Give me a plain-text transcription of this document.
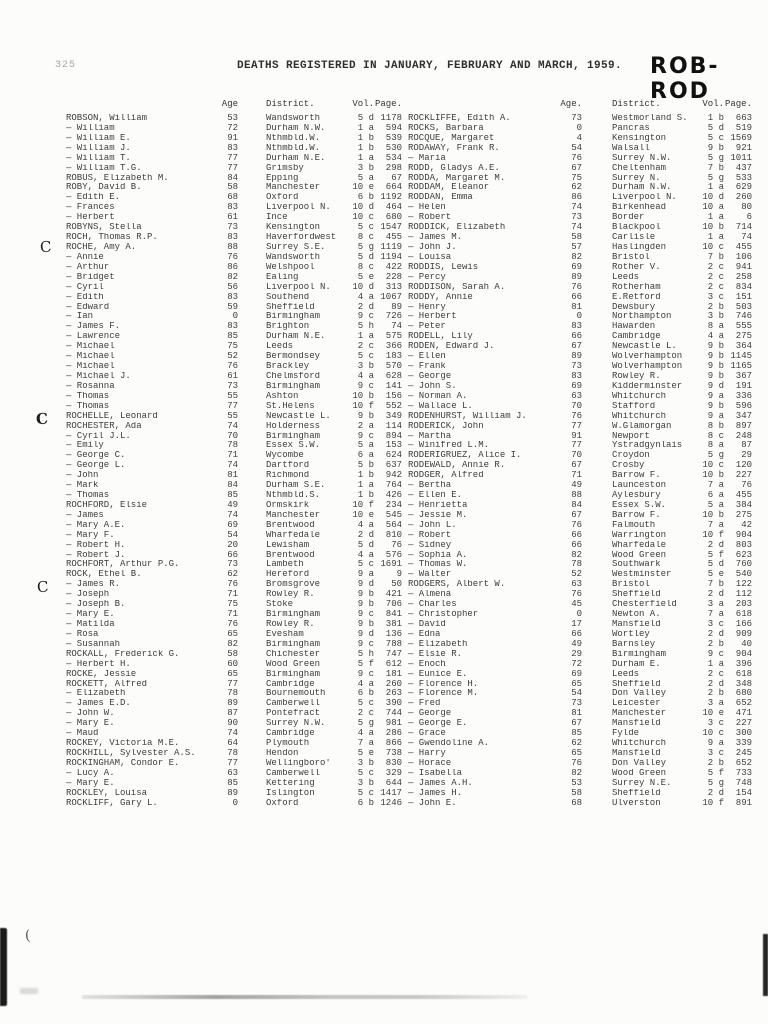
325	DEATHS REGISTERED IN JANUARY, FEBRUARY AND MARCH, 1959. ROB-ROD
Age	District.	Vol. Page.	Age.	District.	Vol. Page.
ROBSON, William	53	Wandsworth	5 d 1178
— William	72	Durham N.W.	1 a	594
— William E.	91	Nthmbld.W.	1 b	539
— William J.	83	Nthmbld.W.	1 b	530
— William T.	77	Durham N.E.	1 a	534
— William T.G.	77	Grimsby	3 b	298
ROBUS, Elizabeth M.	84	Epping	5 a	67
ROBY, David B.	58	Manchester	10 e	664
— Edith E.	68	Oxford	6 b 1192
— Frances	83	Liverpool N.	10 d	464
— Herbert	61	Ince	10 c	680
ROBYNS, Stella	73	Kensington	5 c 1547
ROCH, Thomas R.P.	83	Haverfordwest	8 c	455
ROCHE, Amy A.	88	Surrey S.E.	5 g 1119
— Annie	76	Wandsworth	5 d 1194
— Arthur	86	Welshpool	8 c	422
— Bridget	82	Ealing	5 e	228
— Cyril	56	Liverpool N.	10 d	313
— Edith	83	Southend	4 a 1067
— Edward	59	Sheffield	2 d	89
— Ian	0	Birmingham	9 c	726
— James F.	83	Brighton	5 h	74
— Lawrence	85	Durham N.E.	1 a	575
— Michael	75	Leeds	2 c	366
— Michael	52	Bermondsey	5 c	183
— Michael	76	Brackley	3 b	570
— Michael J.	61	Chelmsford	4 a	628
— Rosanna	73	Birmingham	9 c	141
— Thomas	55	Ashton	10 b	156
— Thomas	77	St.Helens	10 f	552
ROCHELLE, Leonard	55	Newcastle L.	9 b	349
ROCHESTER, Ada	74	Holderness	2 a	114
— Cyril J.L.	70	Birmingham	9 c	894
— Emily	78	Essex S.W.	5 a	153
— George C.	71	Wycombe	6 a	624
— George L.	74	Dartford	5 b	637
— John	81	Richmond	1 b	942
— Mark	84	Durham S.E.	1 a	764
— Thomas	85	Nthmbld.S.	1 b	426
ROCHFORD, Elsie	49	Ormskirk	10 f	234
— James	74	Manchester	10 e	545
— Mary A.E.	69	Brentwood	4 a	564
— Mary F.	54	Wharfedale	2 d	810
— Robert H.	20	Lewisham	5 d	76
— Robert J.	66	Brentwood	4 a	576
ROCHFORT, Arthur P.G.	73	Lambeth	5 c 1691
ROCK, Ethel B.	62	Hereford	9 a	9
— James R.	76	Bromsgrove	9 d	50
— Joseph	71	Rowley R.	9 b	421
— Joseph B.	75	Stoke	9 b	706
— Mary E.	71	Birmingham	9 c	841
— Matilda	76	Rowley R.	9 b	381
— Rosa	65	Evesham	9 d	136
— Susannah	82	Birmingham	9 c	788
ROCKALL, Frederick G.	58	Chichester	5 h	747
— Herbert H.	60	Wood Green	5 f	612
ROCKE, Jessie	65	Birmingham	9 c	181
ROCKETT, Alfred	77	Cambridge	4 a	260
— Elizabeth	78	Bournemouth	6 b	263
— James E.D.	89	Camberwell	5 c	390
— John W.	87	Pontefract	2 c	744
— Mary E.	90	Surrey N.W.	5 g	981
— Maud	74	Cambridge	4 a	286
ROCKEY, Victoria M.E.	64	Plymouth	7 a	866
ROCKHILL, Sylvester A.S.	78	Hendon	5 e	738
ROCKINGHAM, Condor E.	77	Wellingboro'	3 b	830
— Lucy A.	63	Camberwell	5 c	329
— Mary E.	85	Kettering	3 b	644
ROCKLEY, Louisa	89	Islington	5 c 1417
ROCKLIFF, Gary L.	0	Oxford	6 b 1246
ROCKLIFFE, Edith A.	73	Westmorland S.	1 b	663
ROCKS, Barbara	0	Pancras	5 d	519
ROCQUE, Margaret	4	Kensington	5 c 1569
RODAWAY, Frank R.	54	Walsall	9 b	921
— Maria	76	Surrey N.W.	5 g 1011
RODD, Gladys A.E.	67	Cheltenham	7 b	437
RODDA, Margaret M.	75	Surrey N.	5 g	533
RODDAM, Eleanor	62	Durham N.W.	1 a	629
RODDAN, Emma	86	Liverpool N.	10 d	260
— Helen	74	Birkenhead	10 a	80
— Robert	73	Border	1 a	6
RODDICK, Elizabeth	74	Blackpool	10 b	714
— James M.	58	Carlisle	1 a	74
— John J.	57	Haslingden	10 c	455
— Louisa	82	Bristol	7 b	106
RODDIS, Lewis	69	Rother V.	2 c	941
— Percy	89	Leeds	2 c	258
RODDISON, Sarah A.	76	Rotherham	2 c	834
RODDY, Annie	66	E.Retford	3 c	151
— Henry	81	Dewsbury	2 b	503
— Herbert	0	Northampton	3 b	746
— Peter	83	Hawarden	8 a	555
RODELL, Lily	66	Cambridge	4 a	275
RODEN, Edward J.	67	Newcastle L.	9 b	364
— Ellen	89	Wolverhampton	9 b 1145
— Frank	73	Wolverhampton	9 b 1165
— George	83	Rowley R.	9 b	367
— John S.	69	Kidderminster	9 d	191
— Norman A.	63	Whitchurch	9 a	336
— Wallace L.	70	Stafford	9 b	596
RODENHURST, William J.	76	Whitchurch	9 a	347
RODERICK, John	77	W.Glamorgan	8 b	897
— Martha	91	Newport	8 c	248
— Winifred L.M.	77	Ystradgynlais	8 a	87
RODERIGRUEZ, Alice I.	70	Croydon	5 g	29
RODEWALD, Annie R.	67	Crosby	10 c	120
RODGER, Alfred	71	Barrow F.	10 b	227
— Bertha	49	Launceston	7 a	76
— Ellen E.	88	Aylesbury	6 a	455
— Henrietta	84	Essex S.W.	5 a	384
— Jessie M.	67	Barrow F.	10 b	275
— John L.	76	Falmouth	7 a	42
— Robert	66	Warrington	10 f	904
— Sidney	66	Wharfedale	2 d	803
— Sophia A.	82	Wood Green	5 f	623
— Thomas W.	78	Southwark	5 d	760
— Walter	52	Westminster	5 e	540
RODGERS, Albert W.	63	Bristol	7 b	122
— Almena	76	Sheffield	2 d	112
— Charles	45	Chesterfield	3 a	203
— Christopher	0	Newton A.	7 a	618
— David	17	Mansfield	3 c	166
— Edna	66	Wortley	2 d	909
— Elizabeth	49	Barnsley	2 b	40
— Elsie R.	29	Birmingham	9 c	904
— Enoch	72	Durham E.	1 a	396
— Eunice E.	69	Leeds	2 c	618
— Florence H.	65	Sheffield	2 d	348
— Florence M.	54	Don Valley	2 b	680
— Fred	73	Leicester	3 a	652
— George	81	Manchester	10 e	471
— George E.	67	Mansfield	3 c	227
— Grace	85	Fylde	10 c	300
— Gwendoline A.	62	Whitchurch	9 a	339
— Harry	65	Mansfield	3 c	245
— Horace	76	Don Valley	2 b	652
— Isabella	82	Wood Green	5 f	733
— James A.H.	53	Surrey N.E.	5 g	748
— James H.	58	Sheffield	2 d	154
— John E.	68	Ulverston	10 f	891
C
C
C
(
